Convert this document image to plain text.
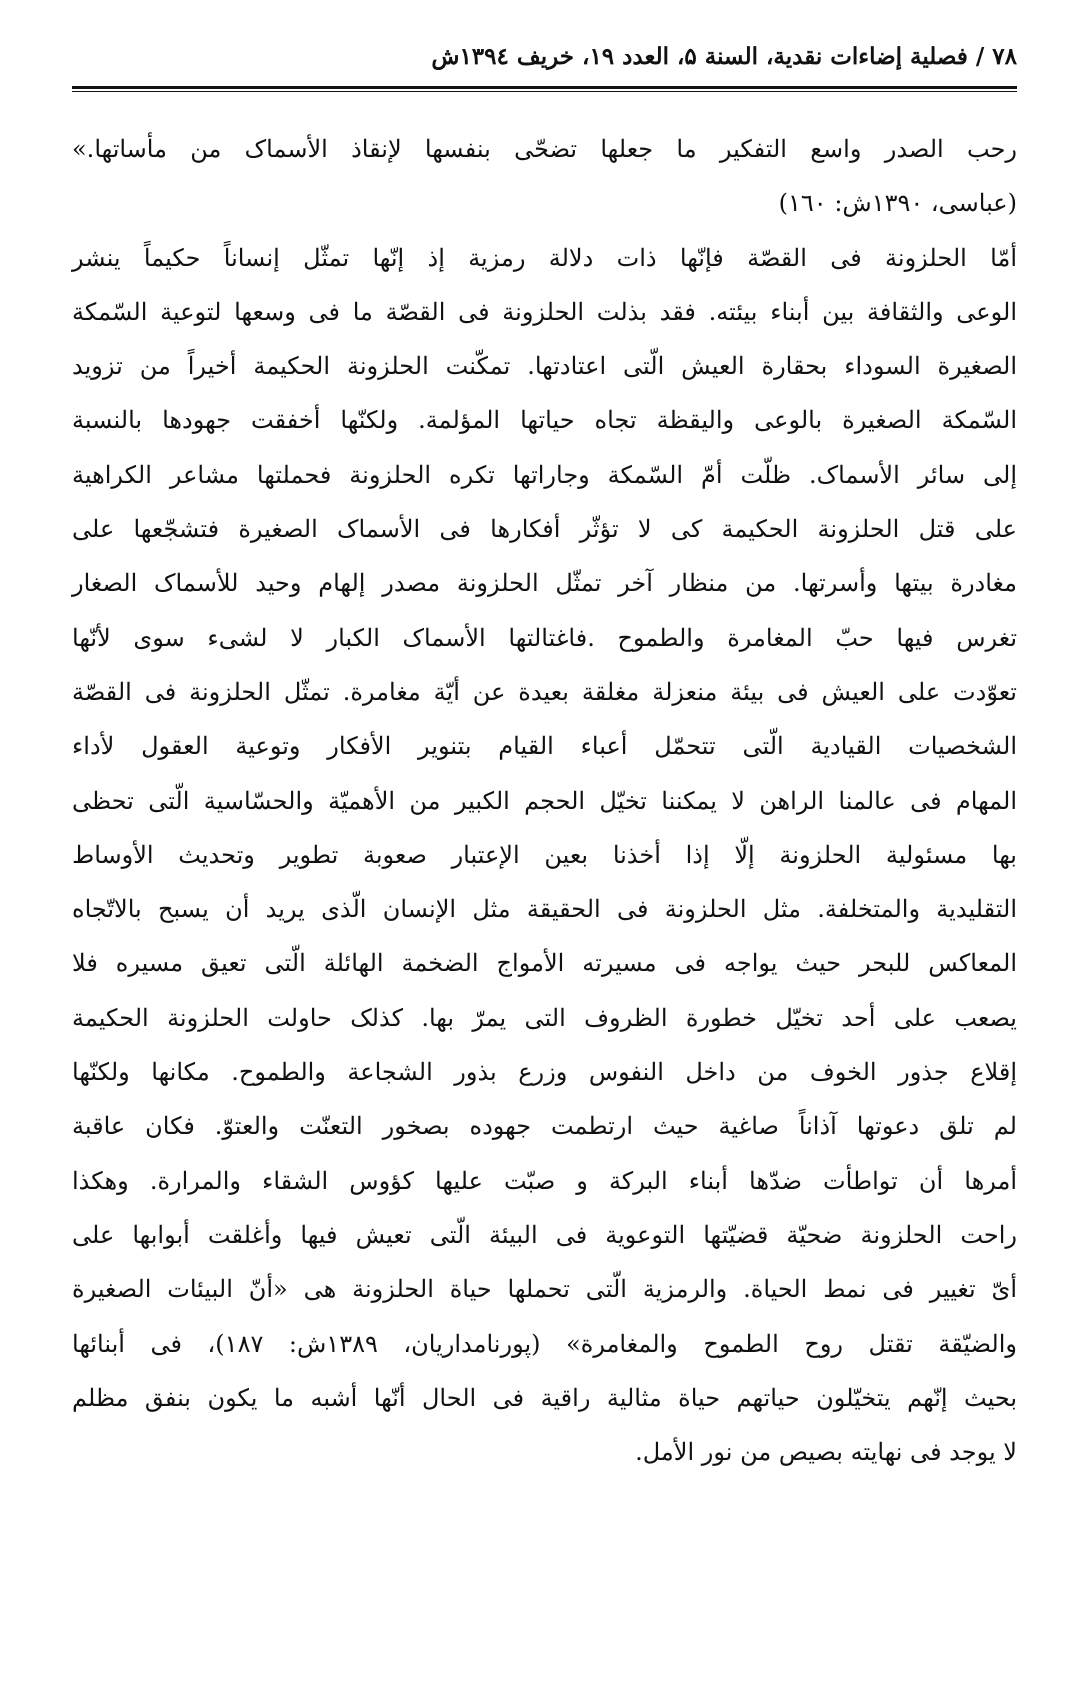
۷۸ / فصلية إضاءات نقدية، السنة ۵، العدد ۱۹، خريف ۱۳۹٤ش
رحب الصدر واسع التفكير ما جعلها تضحّی بنفسها لإنقاذ الأسماک من مأساتها.»
(عباسی، ۱۳۹۰ش: ۱٦۰)
أمّا الحلزونة فی القصّة فإنّها ذات دلالة رمزیة إذ إنّها تمثّل إنساناً حکیماً ینشر
الوعی والثقافة بین أبناء بیئته. فقد بذلت الحلزونة فی القصّة ما فی وسعها لتوعیة السّمکة
الصغیرة السوداء بحقارة العیش الّتی اعتادتها. تمکّنت الحلزونة الحکیمة أخیراً من تزوید
السّمکة الصغیرة بالوعی والیقظة تجاه حیاتها المؤلمة. ولکنّها أخفقت جهودها بالنسبة
إلی سائر الأسماک. ظلّت أمّ السّمکة وجاراتها تکره الحلزونة فحملتها مشاعر الکراهیة
علی قتل الحلزونة الحکیمة کی لا تؤثّر أفکارها فی الأسماک الصغیرة فتشجّعها علی
مغادرة بیتها وأسرتها. من منظار آخر تمثّل الحلزونة مصدر إلهام وحید للأسماک الصغار
تغرس فیها حبّ المغامرة والطموح .فاغتالتها الأسماک الکبار لا لشیء سوی لأنّها
تعوّدت علی العیش فی بیئة منعزلة مغلقة بعیدة عن أیّة مغامرة. تمثّل الحلزونة فی القصّة
الشخصیات القیادیة الّتی تتحمّل أعباء القیام بتنویر الأفکار وتوعیة العقول لأداء
المهام فی عالمنا الراهن لا یمکننا تخیّل الحجم الکبیر من الأهمیّة والحسّاسیة الّتی تحظی
بها مسئولیة الحلزونة إلّا إذا أخذنا بعین الإعتبار صعوبة تطویر وتحدیث الأوساط
التقلیدیة والمتخلفة. مثل الحلزونة فی الحقیقة مثل الإنسان الّذی یرید أن یسبح بالاتّجاه
المعاکس للبحر حیث یواجه فی مسیرته الأمواج الضخمة الهائلة الّتی تعیق مسیره فلا
یصعب علی أحد تخیّل خطورة الظروف التی یمرّ بها. کذلک حاولت الحلزونة الحکیمة
إقلاع جذور الخوف من داخل النفوس وزرع بذور الشجاعة والطموح. مکانها ولکنّها
لم تلق دعوتها آذاناً صاغیة حیث ارتطمت جهوده بصخور التعنّت والعتوّ. فکان عاقبة
أمرها أن تواطأت ضدّها أبناء البرکة و صبّت علیها کؤوس الشقاء والمرارة. وهکذا
راحت الحلزونة ضحیّة قضیّتها التوعویة فی البیئة الّتی تعیش فیها وأغلقت أبوابها علی
أیّ تغییر فی نمط الحیاة. والرمزیة الّتی تحملها حیاة الحلزونة هی «أنّ البیئات الصغیرة
والضیّقة تقتل روح الطموح والمغامرة» (پورنامداریان، ۱۳۸۹ش: ۱۸۷)، فی أبنائها
بحیث إنّهم یتخیّلون حیاتهم حیاة مثالیة راقیة فی الحال أنّها أشبه ما یکون بنفق مظلم
لا یوجد فی نهایته بصیص من نور الأمل.
